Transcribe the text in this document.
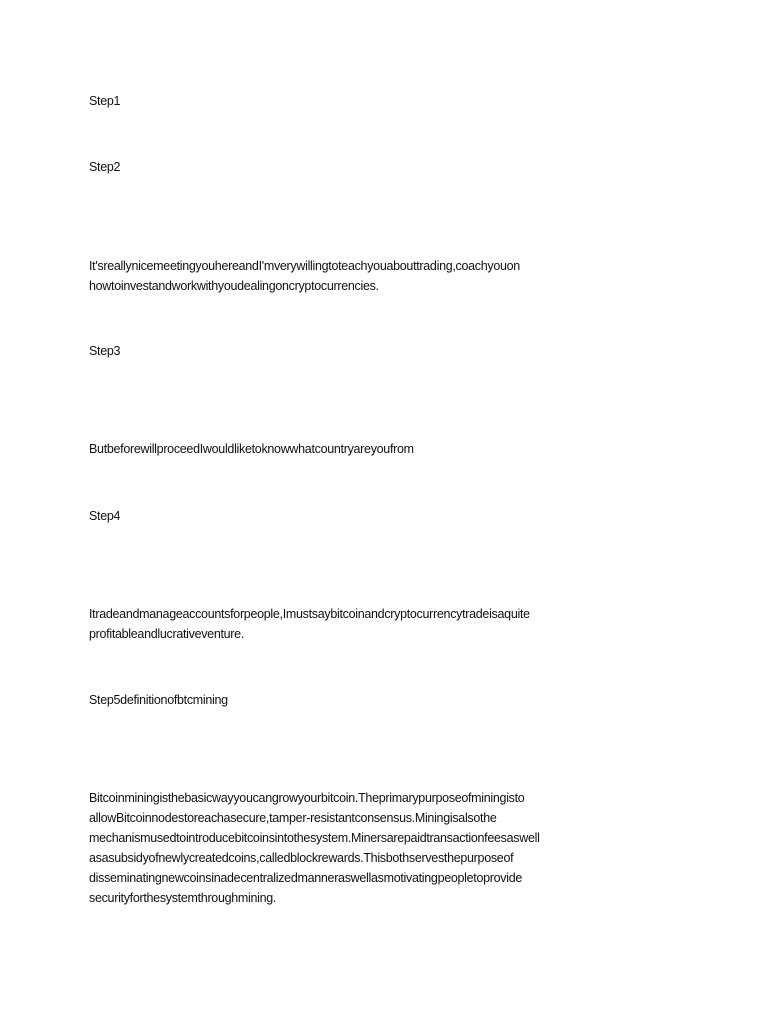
Step1
Step2
It'sreallynicemeetingyouhereandI'mverywillingtoteachyouabouttrading,coachyouon
howtoinvestandworkwithyoudealingoncryptocurrencies.
Step3
ButbeforewillproceedIwouldliketoknowwhatcountryareyoufrom
Step4
Itradeandmanageaccountsforpeople,Imustsaybitcoinandcryptocurrencytradeisaquite
profitableandlucrativeventure.
Step5definitionofbtcmining
Bitcoinminingisthebasicwayyoucangrowyourbitcoin.Theprimarypurposeofminingisto
allowBitcoinnodestoreachasecure,tamper-resistantconsensus.Miningisalsothe
mechanismusedtointroducebitcoinsintothesystem.Minersarepaidtransactionfeesaswell
asasubsidyofnewlycreatedcoins,calledblockrewards.Thisbothservesthepurposeof
disseminatingnewcoinsinadecentralizedmanneraswellasmotivatingpeopletoprovide
securityforthesystemthroughmining.
